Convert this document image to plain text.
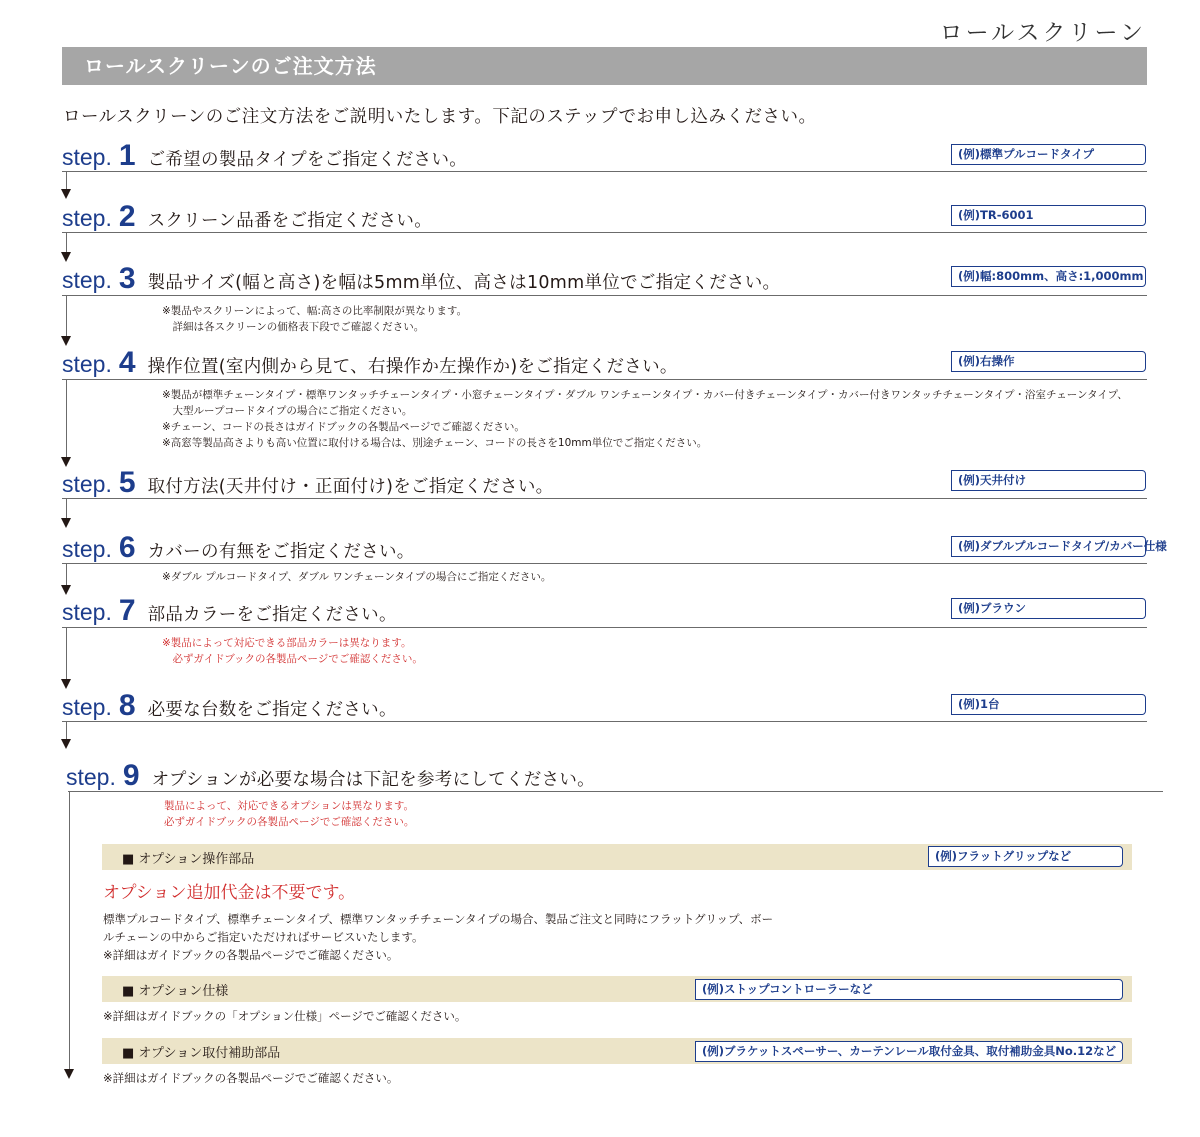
ロールスクリーン
ロールスクリーンのご注文方法
ロールスクリーンのご注文方法をご説明いたします。下記のステップでお申し込みください。
step. 1 ご希望の製品タイプをご指定ください。	(例)標準プルコードタイプ
step. 2 スクリーン品番をご指定ください。	(例)TR-6001
step. 3 製品サイズ(幅と高さ)を幅は5mm単位、高さは10mm単位でご指定ください。	(例)幅:800mm、高さ:1,000mm
※製品やスクリーンによって、幅:高さの比率制限が異なります。
　詳細は各スクリーンの価格表下段でご確認ください。
step. 4 操作位置(室内側から見て、右操作か左操作か)をご指定ください。	(例)右操作
※製品が標準チェーンタイプ・標準ワンタッチチェーンタイプ・小窓チェーンタイプ・ダブル ワンチェーンタイプ・カバー付きチェーンタイプ・カバー付きワンタッチチェーンタイプ・浴室チェーンタイプ、
　大型ループコードタイプの場合にご指定ください。
※チェーン、コードの長さはガイドブックの各製品ページでご確認ください。
※高窓等製品高さよりも高い位置に取付ける場合は、別途チェーン、コードの長さを10mm単位でご指定ください。
step. 5 取付方法(天井付け・正面付け)をご指定ください。	(例)天井付け
step. 6 カバーの有無をご指定ください。	(例)ダブルプルコードタイプ/カバー仕様
※ダブル プルコードタイプ、ダブル ワンチェーンタイプの場合にご指定ください。
step. 7 部品カラーをご指定ください。	(例)ブラウン
※製品によって対応できる部品カラーは異なります。
　必ずガイドブックの各製品ページでご確認ください。
step. 8 必要な台数をご指定ください。	(例)1台
step. 9 オプションが必要な場合は下記を参考にしてください。
製品によって、対応できるオプションは異なります。
必ずガイドブックの各製品ページでご確認ください。
■ オプション操作部品	(例)フラットグリップなど
オプション追加代金は不要です。
標準プルコードタイプ、標準チェーンタイプ、標準ワンタッチチェーンタイプの場合、製品ご注文と同時にフラットグリップ、ボー
ルチェーンの中からご指定いただければサービスいたします。
※詳細はガイドブックの各製品ページでご確認ください。
■ オプション仕様	(例)ストップコントローラーなど
※詳細はガイドブックの「オプション仕様」ページでご確認ください。
■ オプション取付補助部品	(例)ブラケットスペーサー、カーテンレール取付金具、取付補助金具No.12など
※詳細はガイドブックの各製品ページでご確認ください。
